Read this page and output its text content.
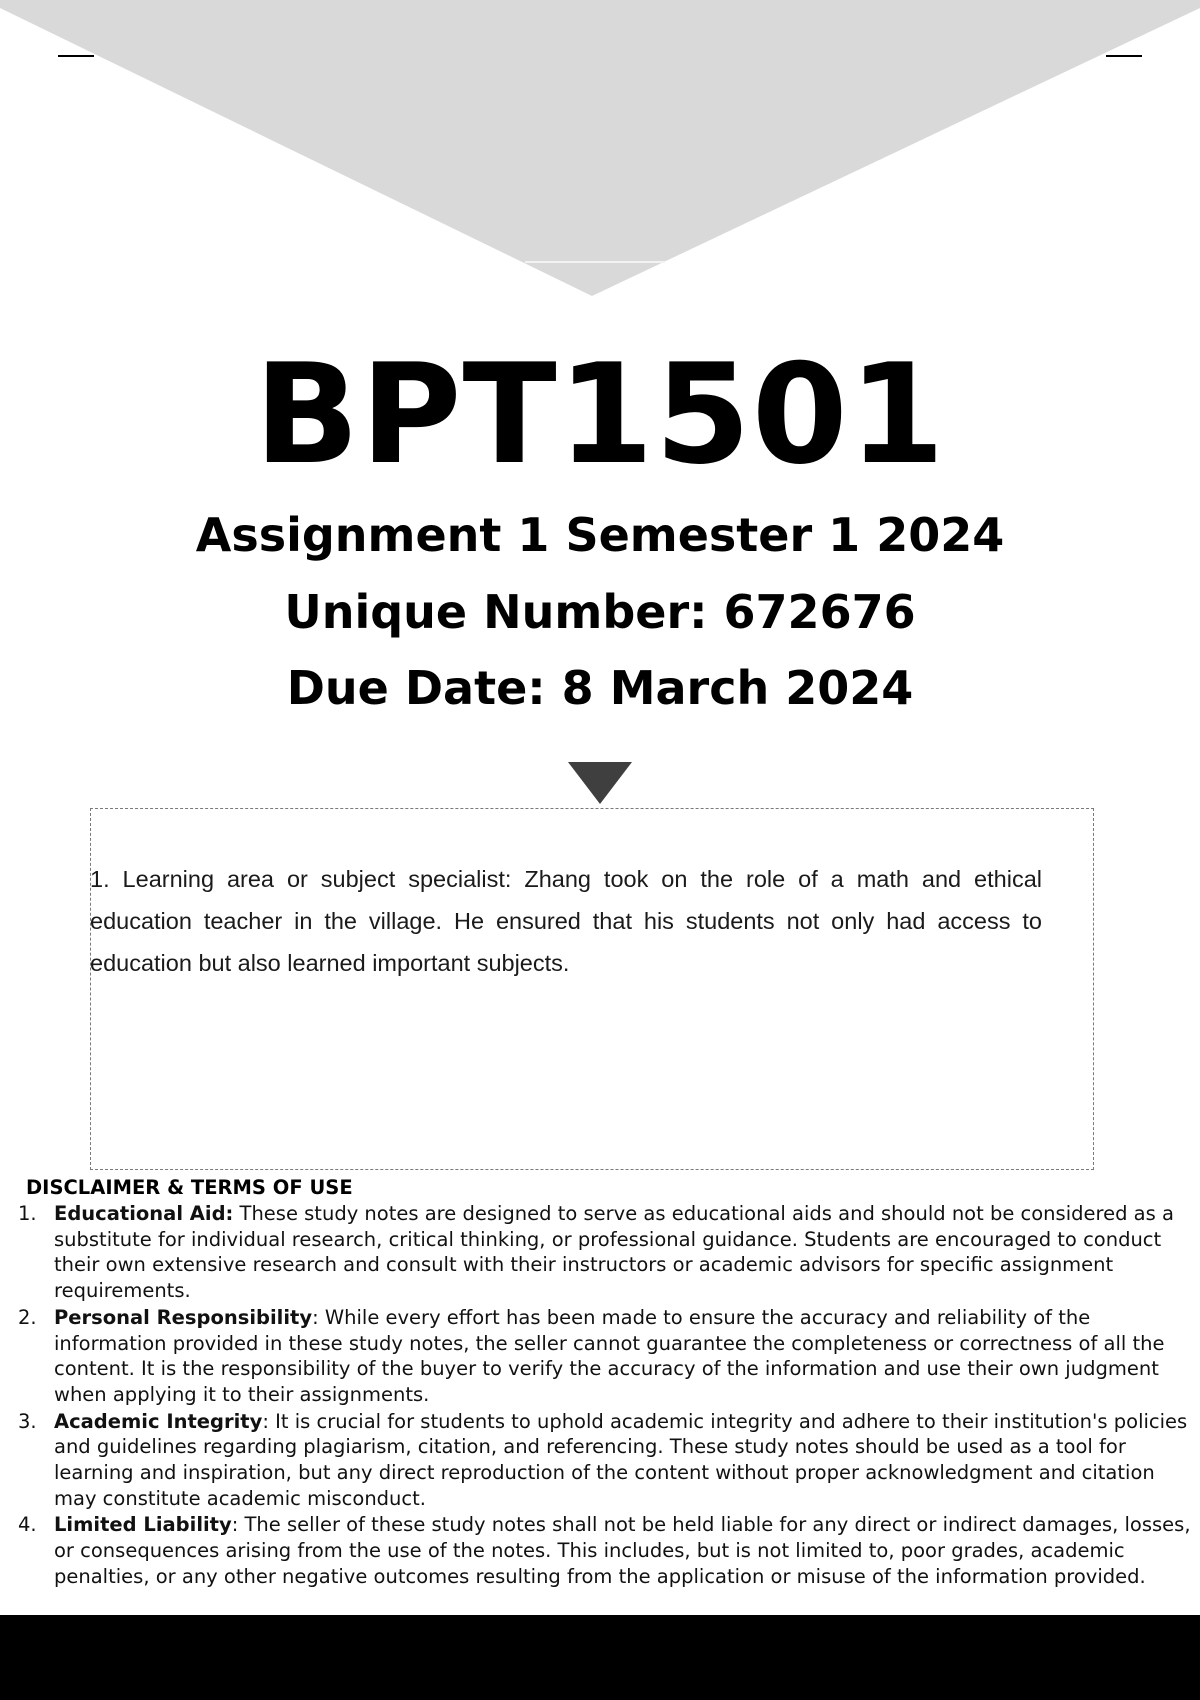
BPT1501
Assignment 1 Semester 1 2024
Unique Number: 672676
Due Date: 8 March 2024
1. Learning area or subject specialist: Zhang took on the role of a math and ethical education teacher in the village. He ensured that his students not only had access to education but also learned important subjects.
DISCLAIMER & TERMS OF USE
1. Educational Aid: These study notes are designed to serve as educational aids and should not be considered as a substitute for individual research, critical thinking, or professional guidance. Students are encouraged to conduct their own extensive research and consult with their instructors or academic advisors for specific assignment requirements.
2. Personal Responsibility: While every effort has been made to ensure the accuracy and reliability of the information provided in these study notes, the seller cannot guarantee the completeness or correctness of all the content. It is the responsibility of the buyer to verify the accuracy of the information and use their own judgment when applying it to their assignments.
3. Academic Integrity: It is crucial for students to uphold academic integrity and adhere to their institution's policies and guidelines regarding plagiarism, citation, and referencing. These study notes should be used as a tool for learning and inspiration, but any direct reproduction of the content without proper acknowledgment and citation may constitute academic misconduct.
4. Limited Liability: The seller of these study notes shall not be held liable for any direct or indirect damages, losses, or consequences arising from the use of the notes. This includes, but is not limited to, poor grades, academic penalties, or any other negative outcomes resulting from the application or misuse of the information provided.
